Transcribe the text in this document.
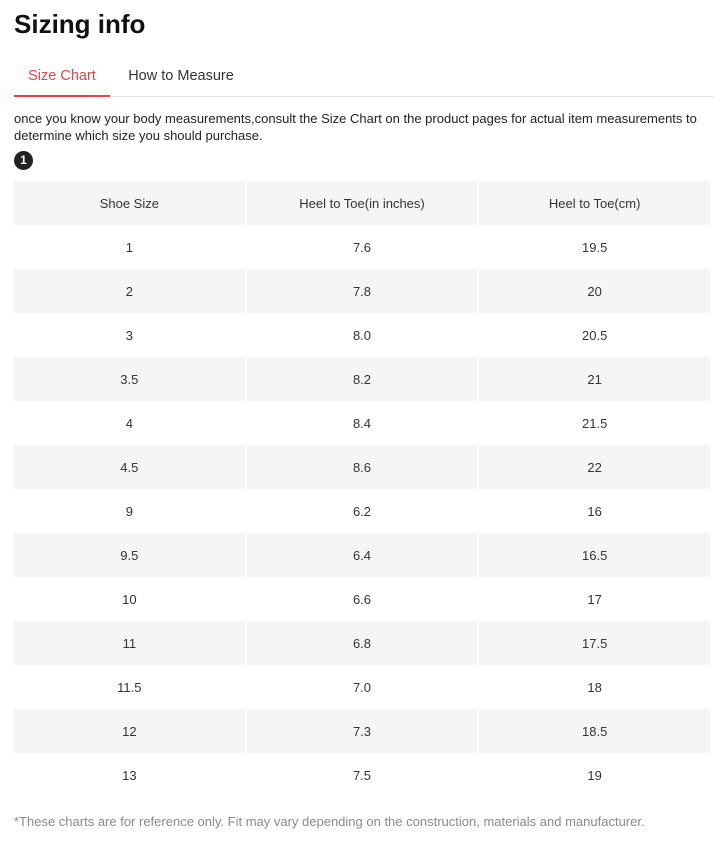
Sizing info
Size Chart	How to Measure

once you know your body measurements,consult the Size Chart on the product pages for actual item measurements to determine which size you should purchase.

1
Shoe Size	Heel to Toe(in inches)	Heel to Toe(cm)
1	7.6	19.5
2	7.8	20
3	8.0	20.5
3.5	8.2	21
4	8.4	21.5
4.5	8.6	22
9	6.2	16
9.5	6.4	16.5
10	6.6	17
11	6.8	17.5
11.5	7.0	18
12	7.3	18.5
13	7.5	19

*These charts are for reference only. Fit may vary depending on the construction, materials and manufacturer.
